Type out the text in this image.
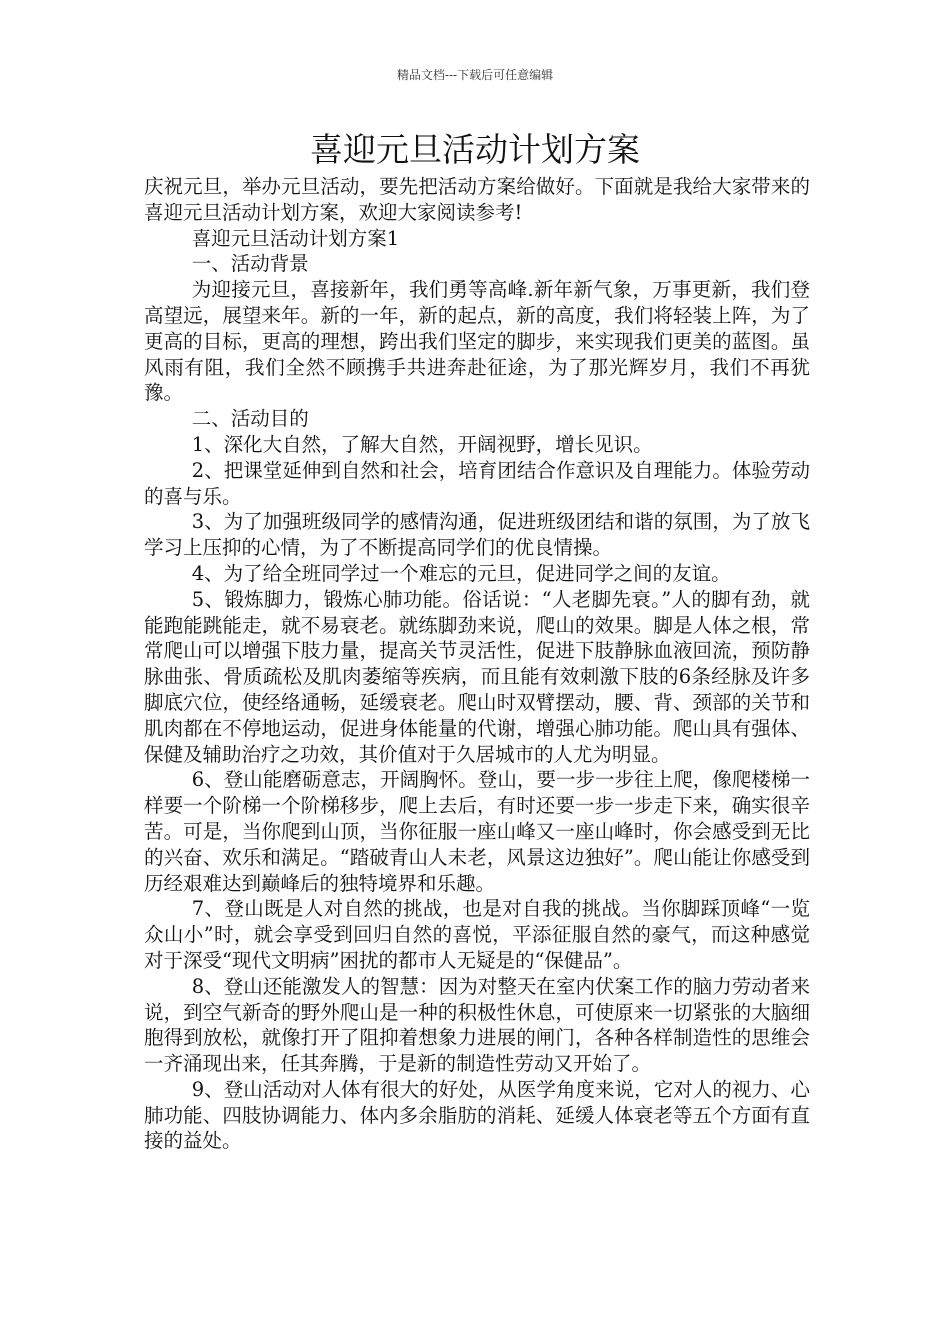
精品文档---下载后可任意编辑
喜迎元旦活动计划方案

庆祝元旦，举办元旦活动，要先把活动方案给做好。下面就是我给大家带来的喜迎元旦活动计划方案，欢迎大家阅读参考!

喜迎元旦活动计划方案1

一、活动背景

为迎接元旦，喜接新年，我们勇等高峰.新年新气象，万事更新，我们登高望远，展望来年。新的一年，新的起点，新的高度，我们将轻装上阵，为了更高的目标，更高的理想，跨出我们坚定的脚步，来实现我们更美的蓝图。虽风雨有阻，我们全然不顾携手共进奔赴征途，为了那光辉岁月，我们不再犹豫。

二、活动目的

1、深化大自然，了解大自然，开阔视野，增长见识。

2、把课堂延伸到自然和社会，培育团结合作意识及自理能力。体验劳动的喜与乐。

3、为了加强班级同学的感情沟通，促进班级团结和谐的氛围，为了放飞学习上压抑的心情，为了不断提高同学们的优良情操。

4、为了给全班同学过一个难忘的元旦，促进同学之间的友谊。

5、锻炼脚力，锻炼心肺功能。俗话说：“人老脚先衰。”人的脚有劲，就能跑能跳能走，就不易衰老。就练脚劲来说，爬山的效果。脚是人体之根，常常爬山可以增强下肢力量，提高关节灵活性，促进下肢静脉血液回流，预防静脉曲张、骨质疏松及肌肉萎缩等疾病，而且能有效刺激下肢的6条经脉及许多脚底穴位，使经络通畅，延缓衰老。爬山时双臂摆动，腰、背、颈部的关节和肌肉都在不停地运动，促进身体能量的代谢，增强心肺功能。爬山具有强体、保健及辅助治疗之功效，其价值对于久居城市的人尤为明显。

6、登山能磨砺意志，开阔胸怀。登山，要一步一步往上爬，像爬楼梯一样要一个阶梯一个阶梯移步，爬上去后，有时还要一步一步走下来，确实很辛苦。可是，当你爬到山顶，当你征服一座山峰又一座山峰时，你会感受到无比的兴奋、欢乐和满足。“踏破青山人未老，风景这边独好”。爬山能让你感受到历经艰难达到巅峰后的独特境界和乐趣。

7、登山既是人对自然的挑战，也是对自我的挑战。当你脚踩顶峰“一览众山小”时，就会享受到回归自然的喜悦，平添征服自然的豪气，而这种感觉对于深受“现代文明病”困扰的都市人无疑是的“保健品”。

8、登山还能激发人的智慧：因为对整天在室内伏案工作的脑力劳动者来说，到空气新奇的野外爬山是一种的积极性休息，可使原来一切紧张的大脑细胞得到放松，就像打开了阻抑着想象力进展的闸门，各种各样制造性的思维会一齐涌现出来，任其奔腾，于是新的制造性劳动又开始了。

9、登山活动对人体有很大的好处，从医学角度来说，它对人的视力、心肺功能、四肢协调能力、体内多余脂肪的消耗、延缓人体衰老等五个方面有直接的益处。
